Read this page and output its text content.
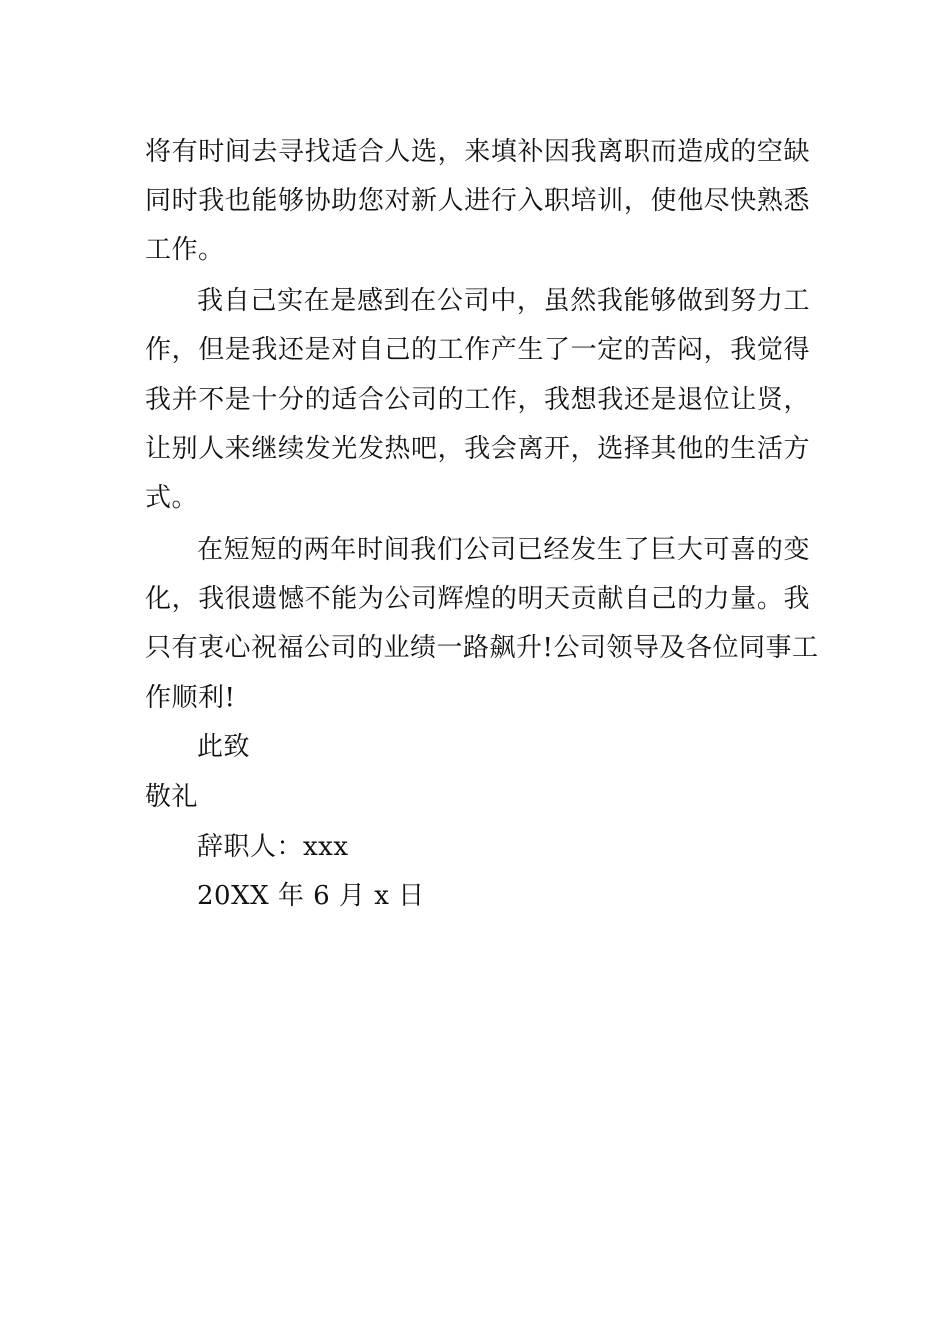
将有时间去寻找适合人选，来填补因我离职而造成的空缺
同时我也能够协助您对新人进行入职培训，使他尽快熟悉
工作。
我自己实在是感到在公司中，虽然我能够做到努力工
作，但是我还是对自己的工作产生了一定的苦闷，我觉得
我并不是十分的适合公司的工作，我想我还是退位让贤，
让别人来继续发光发热吧，我会离开，选择其他的生活方
式。
在短短的两年时间我们公司已经发生了巨大可喜的变
化，我很遗憾不能为公司辉煌的明天贡献自己的力量。我
只有衷心祝福公司的业绩一路飙升!公司领导及各位同事工
作顺利!
此致
敬礼
辞职人：xxx
20XX 年 6 月 x 日
